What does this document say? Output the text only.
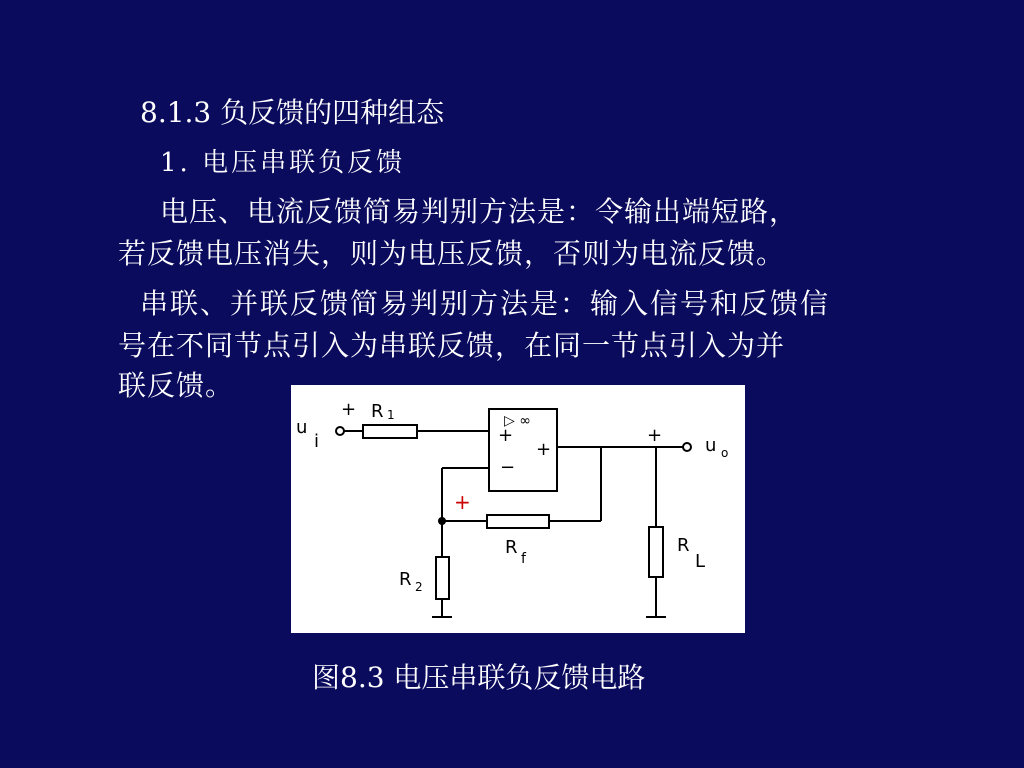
8.1.3 负反馈的四种组态
1. 电压串联负反馈
电压、电流反馈简易判别方法是：令输出端短路，
若反馈电压消失，则为电压反馈，否则为电流反馈。
串联、并联反馈简易判别方法是：输入信号和反馈信
号在不同节点引入为串联反馈，在同一节点引入为并
联反馈。
u
i
+ R 1	▷ ∞
+
+
−
+ u o
+
R
f
R 2
R
L
图8.3 电压串联负反馈电路
